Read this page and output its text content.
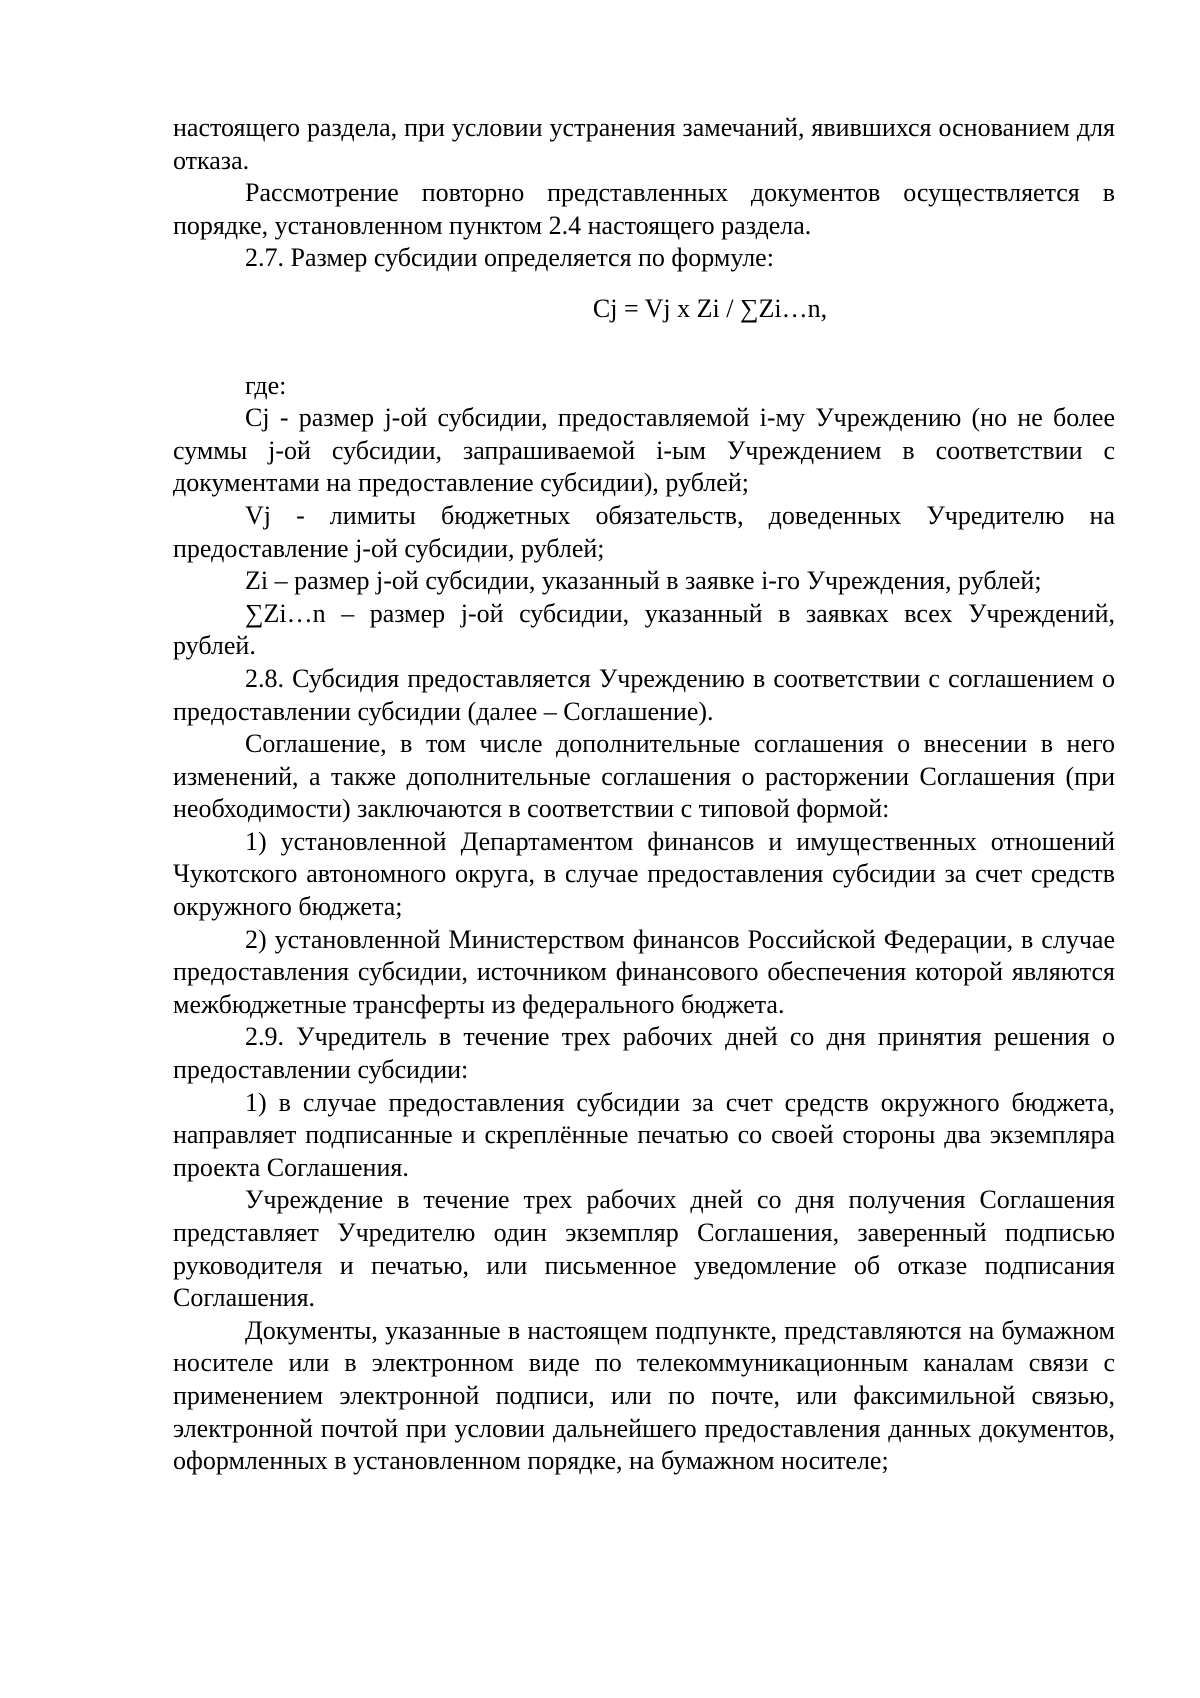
настоящего раздела, при условии устранения замечаний, явившихся основанием для отказа.

Рассмотрение повторно представленных документов осуществляется в порядке, установленном пунктом 2.4 настоящего раздела.

2.7. Размер субсидии определяется по формуле:

Cj = Vj x Zi / ∑Zi…n,

где:

Cj - размер j-ой субсидии, предоставляемой i-му Учреждению (но не более суммы j-ой субсидии, запрашиваемой i-ым Учреждением в соответствии с документами на предоставление субсидии), рублей;

Vj - лимиты бюджетных обязательств, доведенных Учредителю на предоставление j-ой субсидии, рублей;

Zi – размер j-ой субсидии, указанный в заявке i-го Учреждения, рублей;

∑Zi…n – размер j-ой субсидии, указанный в заявках всех Учреждений, рублей.

2.8. Субсидия предоставляется Учреждению в соответствии с соглашением о предоставлении субсидии (далее – Соглашение).

Соглашение, в том числе дополнительные соглашения о внесении в него изменений, а также дополнительные соглашения о расторжении Соглашения (при необходимости) заключаются в соответствии с типовой формой:

1) установленной Департаментом финансов и имущественных отношений Чукотского автономного округа, в случае предоставления субсидии за счет средств окружного бюджета;

2) установленной Министерством финансов Российской Федерации, в случае предоставления субсидии, источником финансового обеспечения которой являются межбюджетные трансферты из федерального бюджета.

2.9. Учредитель в течение трех рабочих дней со дня принятия решения о предоставлении субсидии:

1) в случае предоставления субсидии за счет средств окружного бюджета, направляет подписанные и скреплённые печатью со своей стороны два экземпляра проекта Соглашения.

Учреждение в течение трех рабочих дней со дня получения Соглашения представляет Учредителю один экземпляр Соглашения, заверенный подписью руководителя и печатью, или письменное уведомление об отказе подписания Соглашения.

Документы, указанные в настоящем подпункте, представляются на бумажном носителе или в электронном виде по телекоммуникационным каналам связи с применением электронной подписи, или по почте, или факсимильной связью, электронной почтой при условии дальнейшего предоставления данных документов, оформленных в установленном порядке, на бумажном носителе;
